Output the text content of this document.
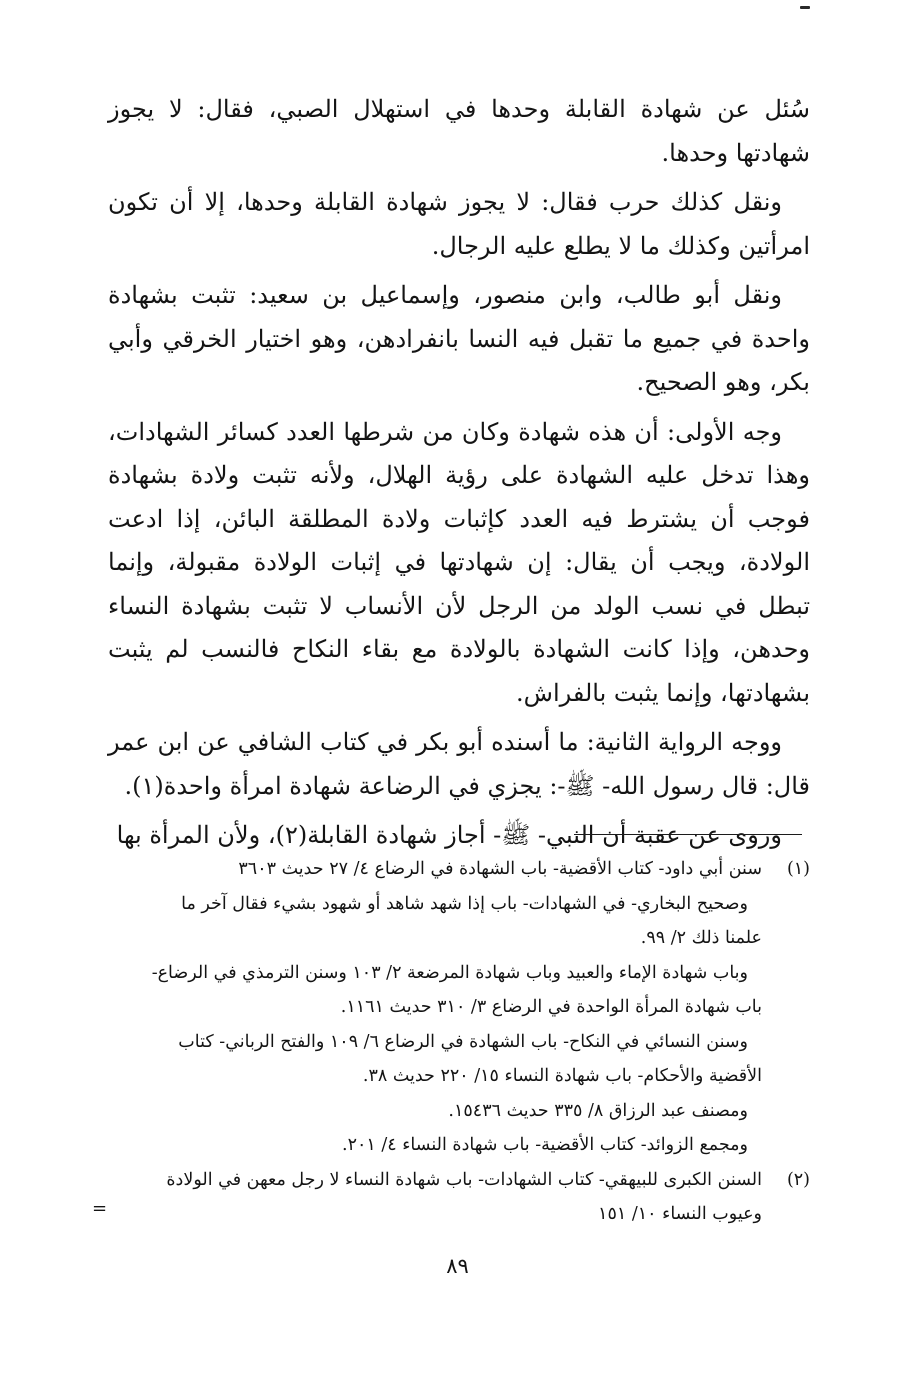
سُئل عن شهادة القابلة وحدها في استهلال الصبي، فقال: لا يجوز شهادتها وحدها.

ونقل كذلك حرب فقال: لا يجوز شهادة القابلة وحدها، إلا أن تكون امرأتين وكذلك ما لا يطلع عليه الرجال.

ونقل أبو طالب، وابن منصور، وإسماعيل بن سعيد: تثبت بشهادة واحدة في جميع ما تقبل فيه النسا بانفرادهن، وهو اختيار الخرقي وأبي بكر، وهو الصحيح.

وجه الأولى: أن هذه شهادة وكان من شرطها العدد كسائر الشهادات، وهذا تدخل عليه الشهادة على رؤية الهلال، ولأنه تثبت ولادة بشهادة فوجب أن يشترط فيه العدد كإثبات ولادة المطلقة البائن، إذا ادعت الولادة، ويجب أن يقال: إن شهادتها في إثبات الولادة مقبولة، وإنما تبطل في نسب الولد من الرجل لأن الأنساب لا تثبت بشهادة النساء وحدهن، وإذا كانت الشهادة بالولادة مع بقاء النكاح فالنسب لم يثبت بشهادتها، وإنما يثبت بالفراش.

ووجه الرواية الثانية: ما أسنده أبو بكر في كتاب الشافي عن ابن عمر قال: قال رسول الله- ﷺ-: يجزي في الرضاعة شهادة امرأة واحدة(١).

وروى عن عقبة أن النبي- ﷺ- أجاز شهادة القابلة(٢)، ولأن المرأة بها

(١)
سنن أبي داود- كتاب الأقضية- باب الشهادة في الرضاع ٤/ ٢٧ حديث ٣٦٠٣
وصحيح البخاري- في الشهادات- باب إذا شهد شاهد أو شهود بشيء فقال آخر ما
علمنا ذلك ٢/ ٩٩.
وباب شهادة الإماء والعبيد وباب شهادة المرضعة ٢/ ١٠٣ وسنن الترمذي في الرضاع-
باب شهادة المرأة الواحدة في الرضاع ٣/ ٣١٠ حديث ١١٦١.
وسنن النسائي في النكاح- باب الشهادة في الرضاع ٦/ ١٠٩ والفتح الرباني- كتاب
الأقضية والأحكام- باب شهادة النساء ١٥/ ٢٢٠ حديث ٣٨.
ومصنف عبد الرزاق ٨/ ٣٣٥ حديث ١٥٤٣٦.
ومجمع الزوائد- كتاب الأقضية- باب شهادة النساء ٤/ ٢٠١.
(٢)
السنن الكبرى للبيهقي- كتاب الشهادات- باب شهادة النساء لا رجل معهن في الولادة
وعيوب النساء ١٠/ ١٥١
=
٨٩
